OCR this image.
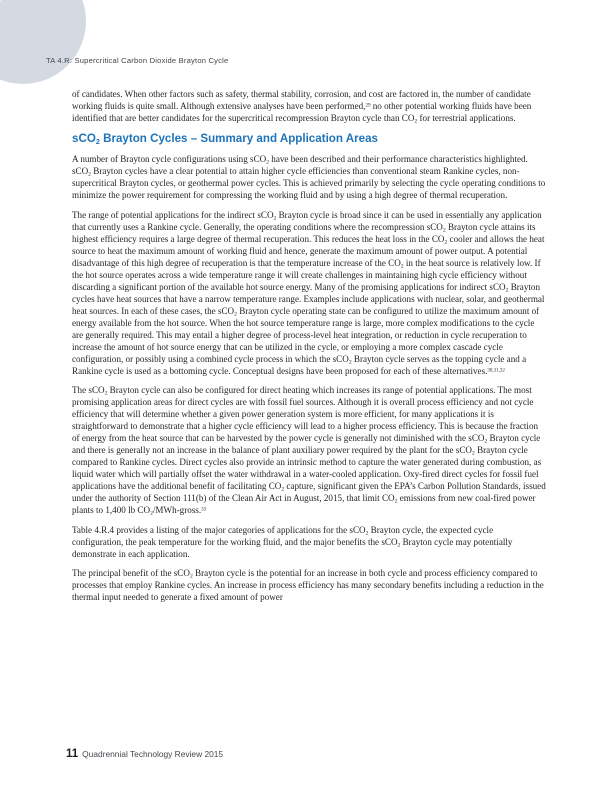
TA 4.R: Supercritical Carbon Dioxide Brayton Cycle

of candidates. When other factors such as safety, thermal stability, corrosion, and cost are factored in, the number of candidate working fluids is quite small. Although extensive analyses have been performed,$^{29}$ no other potential working fluids have been identified that are better candidates for the supercritical recompression Brayton cycle than $CO_2$ for terrestrial applications.

sCO$_2$ Brayton Cycles – Summary and Application Areas

A number of Brayton cycle configurations using sCO$_2$ have been described and their performance characteristics highlighted. sCO$_2$ Brayton cycles have a clear potential to attain higher cycle efficiencies than conventional steam Rankine cycles, non-supercritical Brayton cycles, or geothermal power cycles. This is achieved primarily by selecting the cycle operating conditions to minimize the power requirement for compressing the working fluid and by using a high degree of thermal recuperation.

The range of potential applications for the indirect sCO$_2$ Brayton cycle is broad since it can be used in essentially any application that currently uses a Rankine cycle. Generally, the operating conditions where the recompression sCO$_2$ Brayton cycle attains its highest efficiency requires a large degree of thermal recuperation. This reduces the heat loss in the $CO_2$ cooler and allows the heat source to heat the maximum amount of working fluid and hence, generate the maximum amount of power output. A potential disadvantage of this high degree of recuperation is that the temperature increase of the $CO_2$ in the heat source is relatively low. If the hot source operates across a wide temperature range it will create challenges in maintaining high cycle efficiency without discarding a significant portion of the available hot source energy. Many of the promising applications for indirect sCO$_2$ Brayton cycles have heat sources that have a narrow temperature range. Examples include applications with nuclear, solar, and geothermal heat sources. In each of these cases, the sCO$_2$ Brayton cycle operating state can be configured to utilize the maximum amount of energy available from the hot source. When the hot source temperature range is large, more complex modifications to the cycle are generally required. This may entail a higher degree of process-level heat integration, or reduction in cycle recuperation to increase the amount of hot source energy that can be utilized in the cycle, or employing a more complex cascade cycle configuration, or possibly using a combined cycle process in which the sCO$_2$ Brayton cycle serves as the topping cycle and a Rankine cycle is used as a bottoming cycle. Conceptual designs have been proposed for each of these alternatives.$^{30,31,32}$

The sCO$_2$ Brayton cycle can also be configured for direct heating which increases its range of potential applications. The most promising application areas for direct cycles are with fossil fuel sources. Although it is overall process efficiency and not cycle efficiency that will determine whether a given power generation system is more efficient, for many applications it is straightforward to demonstrate that a higher cycle efficiency will lead to a higher process efficiency. This is because the fraction of energy from the heat source that can be harvested by the power cycle is generally not diminished with the sCO$_2$ Brayton cycle and there is generally not an increase in the balance of plant auxiliary power required by the plant for the sCO$_2$ Brayton cycle compared to Rankine cycles. Direct cycles also provide an intrinsic method to capture the water generated during combustion, as liquid water which will partially offset the water withdrawal in a water-cooled application. Oxy-fired direct cycles for fossil fuel applications have the additional benefit of facilitating $CO_2$ capture, significant given the EPA’s Carbon Pollution Standards, issued under the authority of Section 111(b) of the Clean Air Act in August, 2015, that limit $CO_2$ emissions from new coal-fired power plants to 1,400 lb $CO_2/MWh-gross.^{33}$

Table 4.R.4 provides a listing of the major categories of applications for the sCO$_2$ Brayton cycle, the expected cycle configuration, the peak temperature for the working fluid, and the major benefits the sCO$_2$ Brayton cycle may potentially demonstrate in each application.

The principal benefit of the sCO$_2$ Brayton cycle is the potential for an increase in both cycle and process efficiency compared to processes that employ Rankine cycles. An increase in process efficiency has many secondary benefits including a reduction in the thermal input needed to generate a fixed amount of power

11 Quadrennial Technology Review 2015
